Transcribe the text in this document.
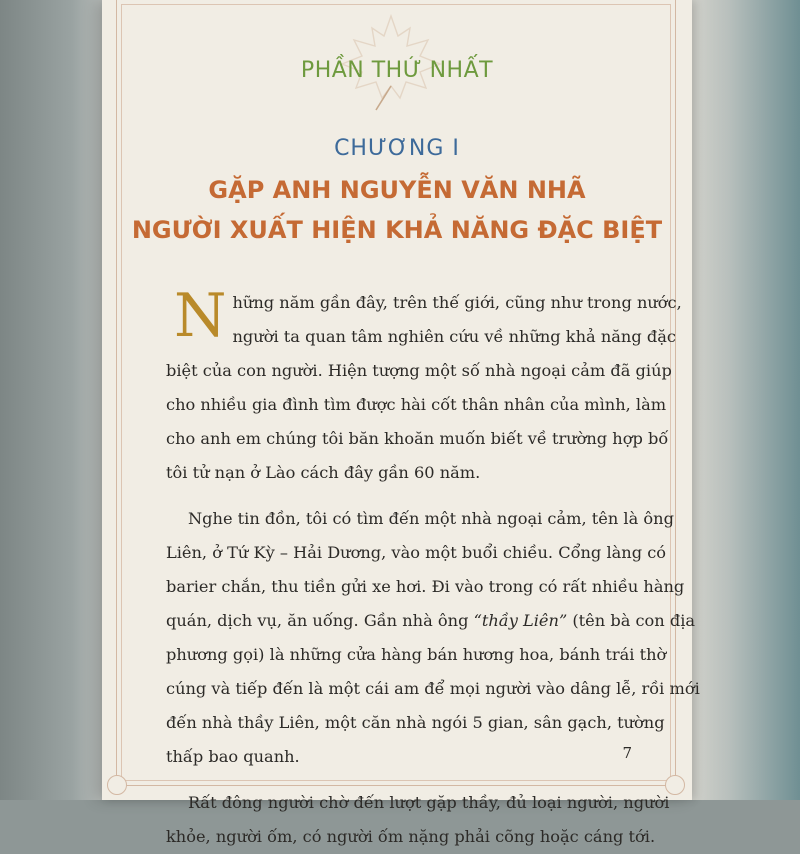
PHẦN THỨ NHẤT
CHƯƠNG I
GẶP ANH NGUYỄN VĂN NHÃ
NGƯỜI XUẤT HIỆN KHẢ NĂNG ĐẶC BIỆT
N hững năm gần đây, trên thế giới, cũng như trong nước,
người ta quan tâm nghiên cứu về những khả năng đặc
biệt của con người. Hiện tượng một số nhà ngoại cảm đã giúp
cho nhiều gia đình tìm được hài cốt thân nhân của mình, làm
cho anh em chúng tôi băn khoăn muốn biết về trường hợp bố
tôi tử nạn ở Lào cách đây gần 60 năm.
Nghe tin đồn, tôi có tìm đến một nhà ngoại cảm, tên là ông
Liên, ở Tứ Kỳ – Hải Dương, vào một buổi chiều. Cổng làng có
barier chắn, thu tiền gửi xe hơi. Đi vào trong có rất nhiều hàng
quán, dịch vụ, ăn uống. Gần nhà ông “thầy Liên” (tên bà con địa
phương gọi) là những cửa hàng bán hương hoa, bánh trái thờ
cúng và tiếp đến là một cái am để mọi người vào dâng lễ, rồi mới
đến nhà thầy Liên, một căn nhà ngói 5 gian, sân gạch, tường
thấp bao quanh.
Rất đông người chờ đến lượt gặp thầy, đủ loại người, người
khỏe, người ốm, có người ốm nặng phải cõng hoặc cáng tới.
7
